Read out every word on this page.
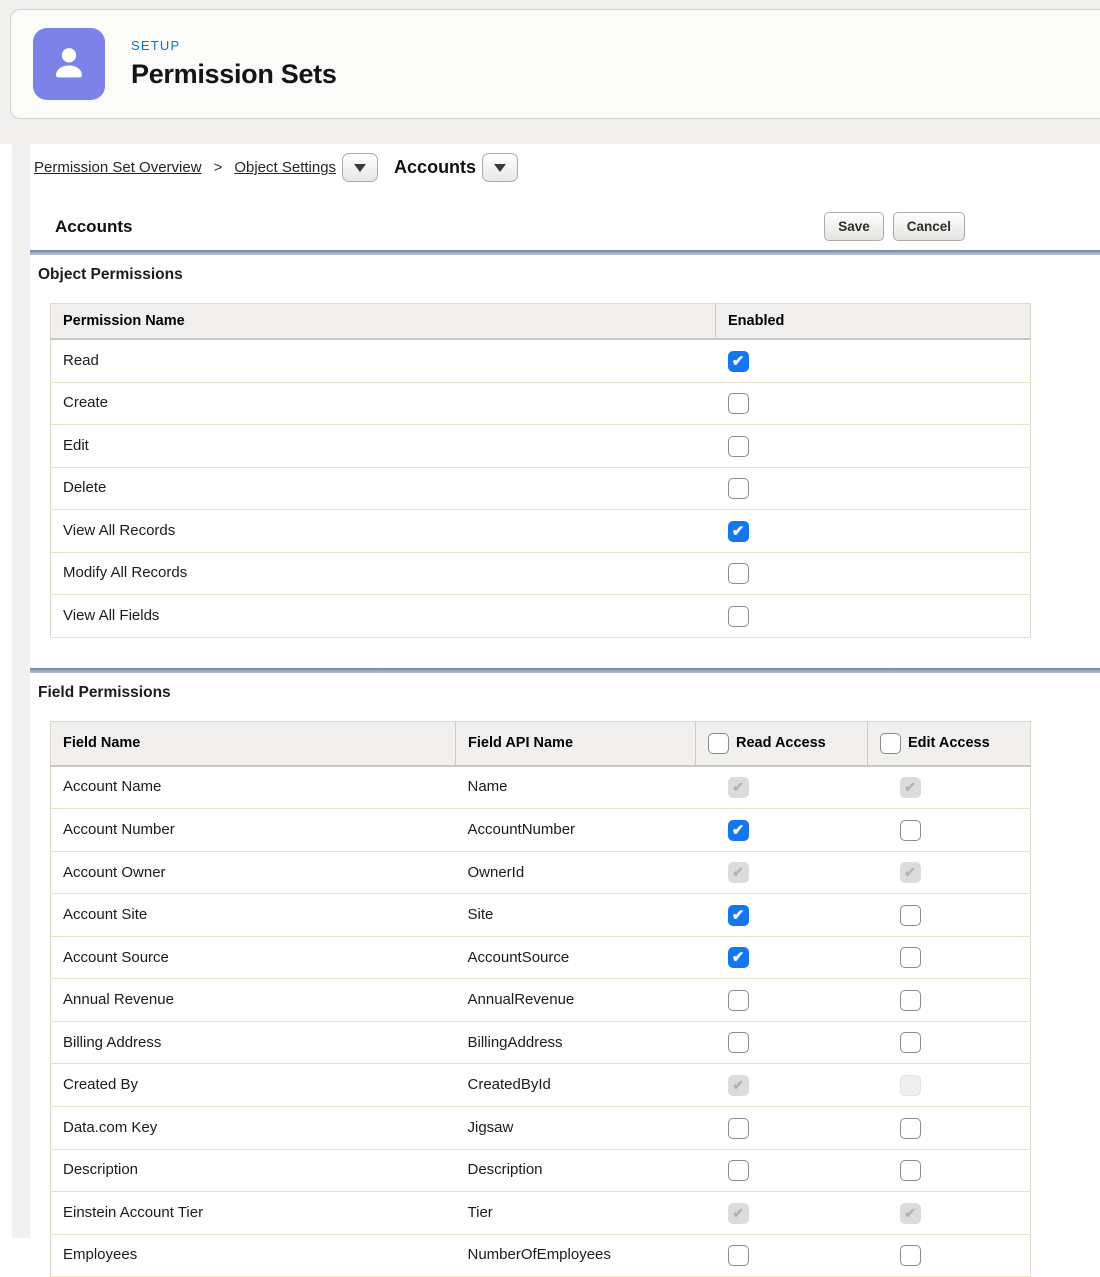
SETUP
Permission Sets
Permission Set Overview > Object Settings	Accounts
Accounts	Save	Cancel
Object Permissions
Permission Name	Enabled
Read	✔
Create	
Edit	
Delete	
View All Records	✔
Modify All Records	
View All Fields	
Field Permissions
Field Name	Field API Name	Read Access	Edit Access
Account Name	Name	✔	✔
Account Number	AccountNumber	✔	
Account Owner	OwnerId	✔	✔
Account Site	Site	✔	
Account Source	AccountSource	✔	
Annual Revenue	AnnualRevenue		
Billing Address	BillingAddress		
Created By	CreatedById	✔	
Data.com Key	Jigsaw		
Description	Description		
Einstein Account Tier	Tier	✔	✔
Employees	NumberOfEmployees		
